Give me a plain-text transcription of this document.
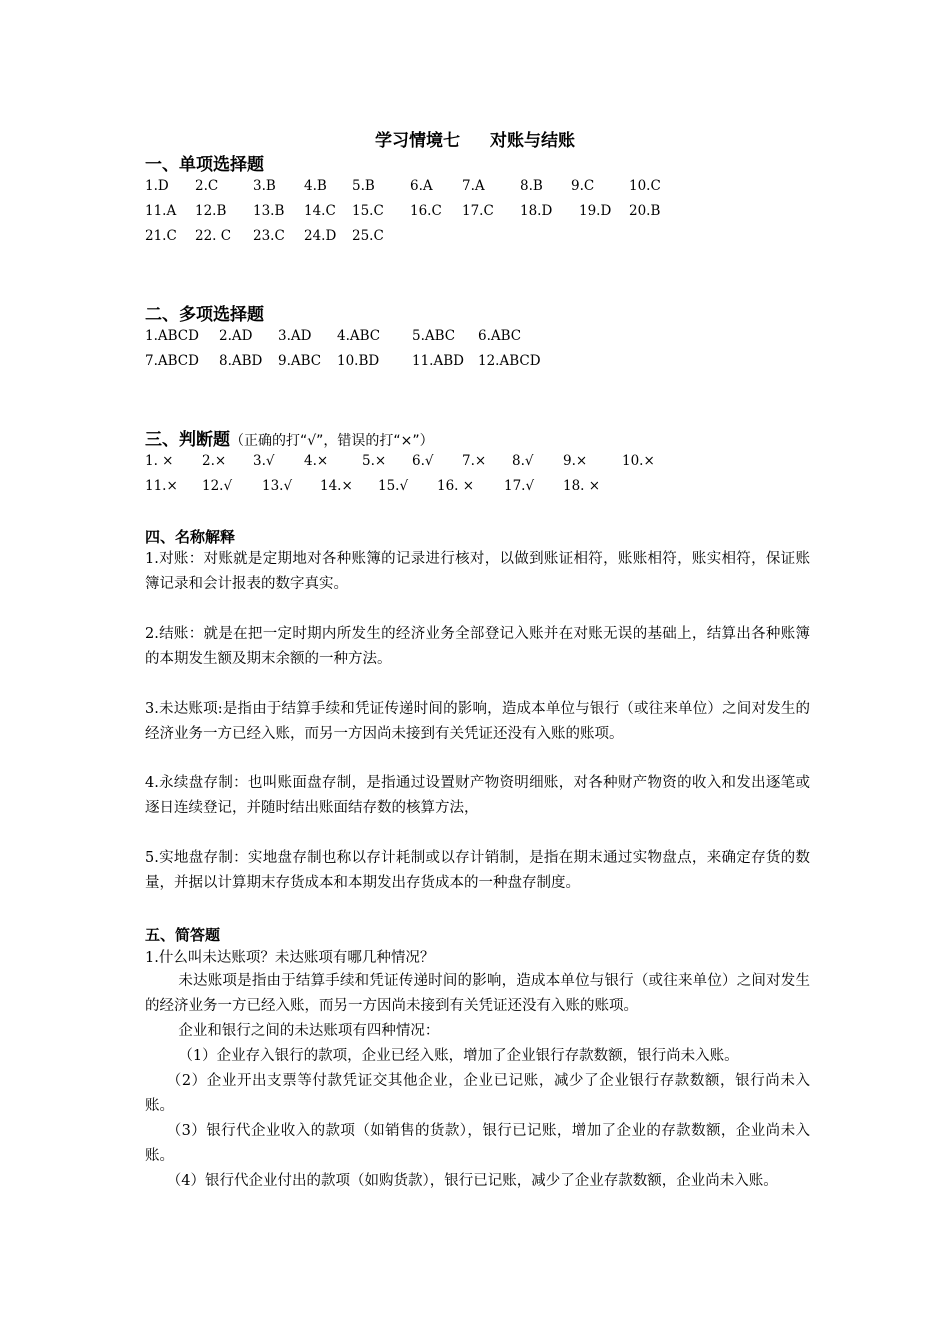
学习情境七 对账与结账
一、单项选择题
1.D 2.C	3.B 4.B 5.B	6.A 7.A	8.B 9.C	10.C
11.A 12.B 13.B 14.C 15.C 16.C 17.C 18.D 19.D 20.B
21.C 22. C 23.C 24.D 25.C
二、多项选择题
1.ABCD 2.AD 3.AD 4.ABC 5.ABC 6.ABC
7.ABCD 8.ABD 9.ABC 10.BD 11.ABD 12.ABCD
三、判断题（正确的打“√”，错误的打“×”）
1. × 2.× 3.√ 4.×	5.× 6.√ 7.× 8.√ 9.×	10.×
11.× 12.√ 13.√ 14.× 15.√ 16. × 17.√ 18. ×
四、名称解释
1.对账：对账就是定期地对各种账簿的记录进行核对，以做到账证相符，账账相符，账实相符，保证账簿记录和会计报表的数字真实。
2.结账：就是在把一定时期内所发生的经济业务全部登记入账并在对账无误的基础上，结算出各种账簿的本期发生额及期末余额的一种方法。
3.未达账项:是指由于结算手续和凭证传递时间的影响，造成本单位与银行（或往来单位）之间对发生的经济业务一方已经入账，而另一方因尚未接到有关凭证还没有入账的账项。
4.永续盘存制：也叫账面盘存制，是指通过设置财产物资明细账，对各种财产物资的收入和发出逐笔或逐日连续登记，并随时结出账面结存数的核算方法，
5.实地盘存制：实地盘存制也称以存计耗制或以存计销制，是指在期末通过实物盘点，来确定存货的数量，并据以计算期末存货成本和本期发出存货成本的一种盘存制度。
五、简答题
1.什么叫未达账项？未达账项有哪几种情况？
未达账项是指由于结算手续和凭证传递时间的影响，造成本单位与银行（或往来单位）之间对发生的经济业务一方已经入账，而另一方因尚未接到有关凭证还没有入账的账项。
企业和银行之间的未达账项有四种情况：
（1）企业存入银行的款项，企业已经入账，增加了企业银行存款数额，银行尚未入账。
（2）企业开出支票等付款凭证交其他企业，企业已记账，减少了企业银行存款数额，银行尚未入账。
（3）银行代企业收入的款项（如销售的货款），银行已记账，增加了企业的存款数额，企业尚未入账。
（4）银行代企业付出的款项（如购货款），银行已记账，减少了企业存款数额，企业尚未入账。
